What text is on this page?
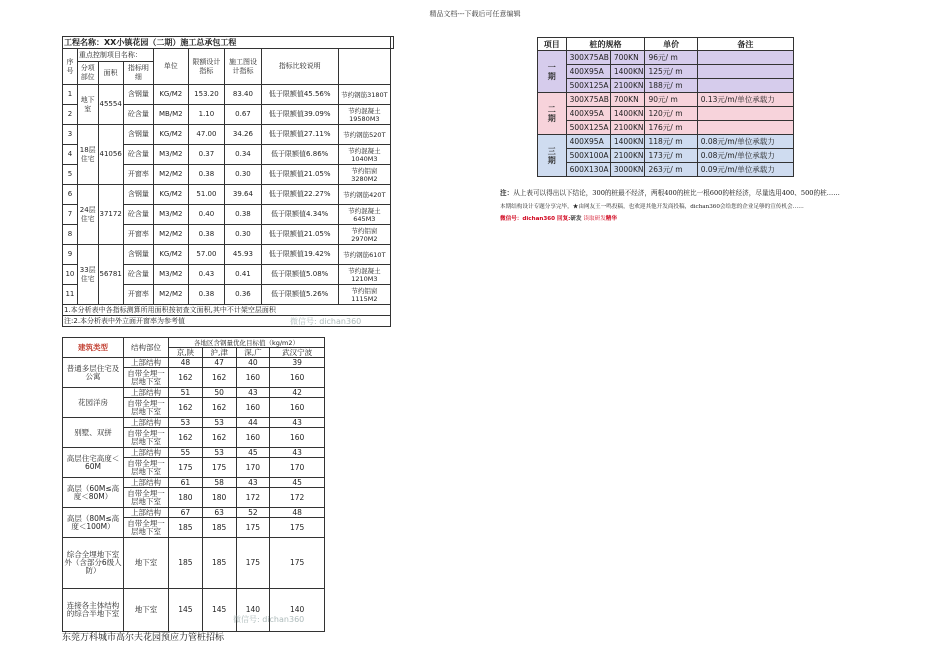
精品文档---下载后可任意编辑
工程名称：XX小镇花园（二期）施工总承包工程									
序号	重点控制项目名称：			单位	限额设计指标	施工图设计指标	指标比较说明		
	分项部位	面积	指标明细						
1	地下室	45554	含钢量	KG/M2	153.20	83.40	低于限额值45.56%	节约钢筋3180T	
2			砼含量	MB/M2	1.10	0.67	低于限额值39.09%	节约混凝土19580M3	
3	18层住宅	41056	含钢量	KG/M2	47.00	34.26	低于限额值27.11%	节约钢筋520T	
4			砼含量	M3/M2	0.37	0.34	低于限额值6.86%	节约混凝土1040M3	
5			开窗率	M2/M2	0.38	0.30	低于限额值21.05%	节约铝窗3280M2	
6	24层住宅	37172	含钢量	KG/M2	51.00	39.64	低于限额值22.27%	节约钢筋420T	
7			砼含量	M3/M2	0.40	0.38	低于限额值4.34%	节约混凝土645M3	
8			开窗率	M2/M2	0.38	0.30	低于限额值21.05%	节约铝窗2970M2	
9	33层住宅	56781	含钢量	KG/M2	57.00	45.93	低于限额值19.42%	节约钢筋610T	
10			砼含量	M3/M2	0.43	0.41	低于限额值5.08%	节约混凝土1210M3	
11			开窗率	M2/M2	0.38	0.36	低于限额值5.26%	节约铝窗1115M2	
1.本分析表中各指标测算所用面积按初查文面积,其中不计架空层面积									
注:2.本分析表中外立面开窗率为参考值									
建筑类型	结构部位	各地区含钢量优化目标值（kg/m2）			
		京,陕	沪,津	深,广	武汉宁波
普通多层住宅及公寓	上部结构	48	47	40	39
	自带全埋一层地下室	162	162	160	160
花园洋房	上部结构	51	50	43	42
	自带全埋一层地下室	162	162	160	160
别墅、双拼	上部结构	53	53	44	43
	自带全埋一层地下室	162	162	160	160
高层住宅高度＜60M	上部结构	55	53	45	43
	自带全埋一层地下室	175	175	170	170
高层（60M≤高度＜80M）	上部结构	61	58	43	45
	自带全埋一层地下室	180	180	172	172
高层（80M≤高度＜100M）	上部结构	67	63	52	48
	自带全埋一层地下室	185	185	175	175
综合全埋地下室外（含部分6级人防）	地下室	185	185	175	175
连接各主体结构的综合半地下室	地下室	145	145	140	140
东莞万科城市高尔夫花园预应力管桩招标
项目	桩的规格		单价	备注
一
期	300X75AB	700KN	96元/ m	
	400X95A	1400KN	125元/ m	
	500X125A	2100KN	188元/ m	
二
期	300X75AB	700KN	90元/ m	0.13元/m/单位承载力
	400X95A	1400KN	120元/ m	
	500X125A	2100KN	176元/ m	
三
期	400X95A	1400KN	118元/ m	0.08元/m/单位承载力
	500X100A	2100KN	173元/ m	0.08元/m/单位承载力
	600X130A	3000KN	263元/ m	0.09元/m/单位承载力
注：从上表可以得出以下结论，300的桩最不经济，两根400的桩比一根600的桩经济，尽量选用400、500的桩……
本期结构设计专题分享完毕，★由网友王一鸣投稿，也欢迎其他开发商投稿，dichan360会给您的企业足够的宣传机会……
微信号：dichan360 回复:研发 读取研发精华
微信号: dichan360
微信号: dichan360
